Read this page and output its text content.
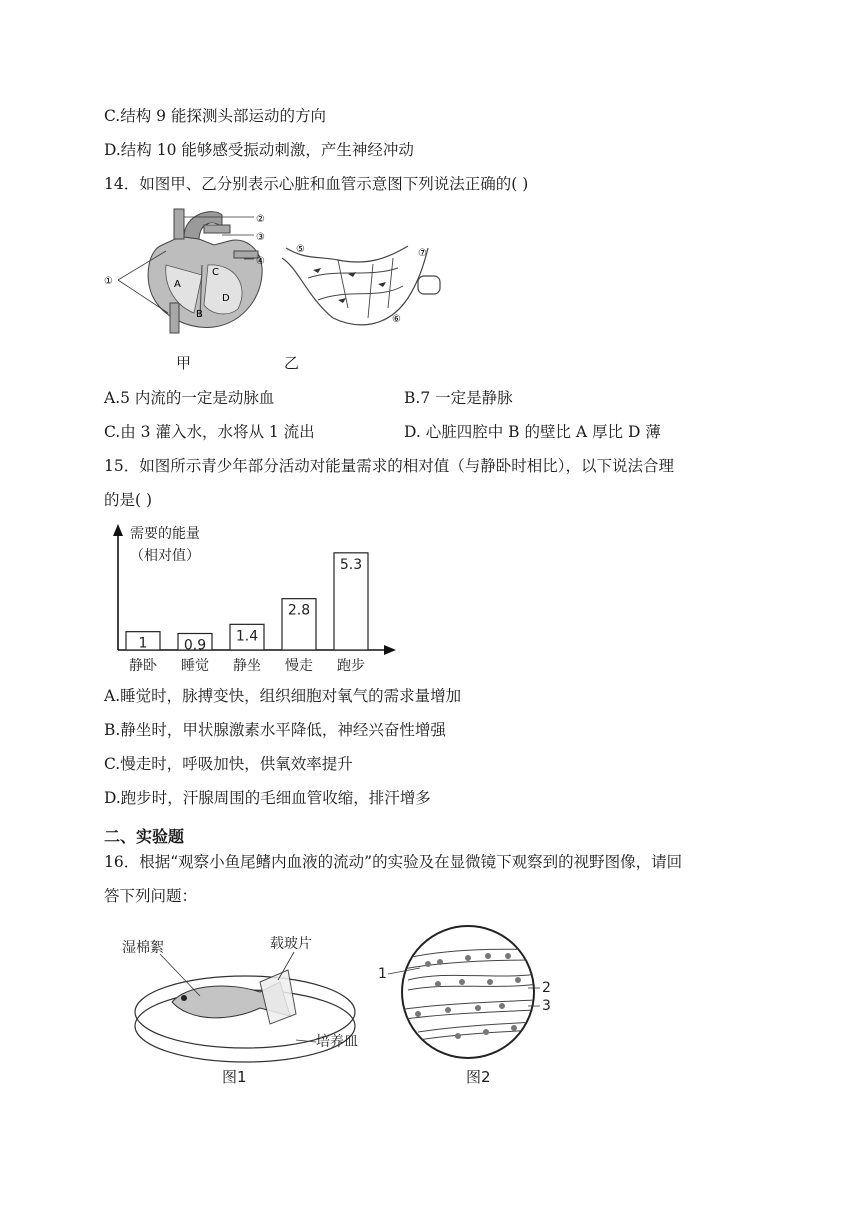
C.结构 9 能探测头部运动的方向
D.结构 10 能够感受振动刺激，产生神经冲动
14．如图甲、乙分别表示心脏和血管示意图下列说法正确的( )
A
B
C
D
①
②
③
④
⑤
⑥
⑦
甲	乙
A.5 内流的一定是动脉血	B.7 一定是静脉
C.由 3 灌入水，水将从 1 流出	D. 心脏四腔中 B 的壁比 A 厚比 D 薄
15．如图所示青少年部分活动对能量需求的相对值（与静卧时相比），以下说法合理
的是( )
需要的能量
（相对值）
1
静卧
0.9
睡觉
1.4
静坐
2.8
慢走
5.3
跑步
A.睡觉时，脉搏变快，组织细胞对氧气的需求量增加
B.静坐时，甲状腺激素水平降低，神经兴奋性增强
C.慢走时，呼吸加快，供氧效率提升
D.跑步时，汗腺周围的毛细血管收缩，排汗增多
二、实验题
16．根据“观察小鱼尾鳍内血液的流动”的实验及在显微镜下观察到的视野图像，请回
答下列问题：
湿棉絮	载玻片
培养皿
1
2
3
图1	图2
